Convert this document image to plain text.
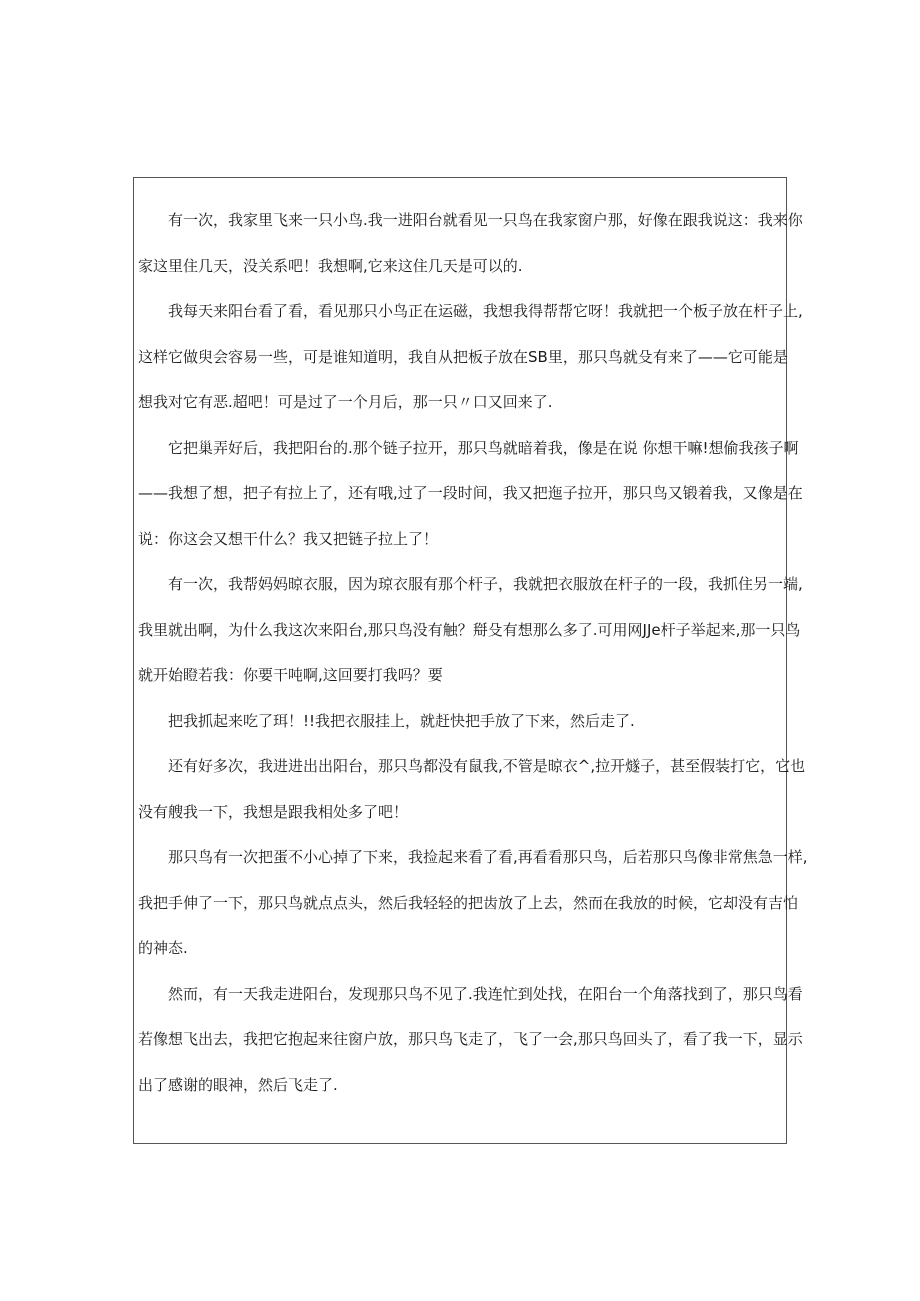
有一次，我家里飞来一只小鸟.我一进阳台就看见一只鸟在我家窗户那，好像在跟我说这：我来你
家这里住几天，没关系吧！我想啊,它来这住几天是可以的.
我每天来阳台看了看，看见那只小鸟正在运磁，我想我得帮帮它呀！我就把一个板子放在杆子上,
这样它做臾会容易一些，可是谁知道明，我自从把板子放在SB里，那只鸟就殳有来了——它可能是
想我对它有恶.超吧！可是过了一个月后，那一只〃口又回来了.
它把巢弄好后，我把阳台的.那个链子拉开，那只鸟就暗着我，像是在说 你想干嘛!想偷我孩子啊
——我想了想，把子有拉上了，还有哦,过了一段时间，我又把迤子拉开，那只鸟又锻着我，又像是在
说：你这会又想干什么？我又把链子拉上了！
有一次，我帮妈妈晾衣服，因为琼衣服有那个杆子，我就把衣服放在杆子的一段，我抓住另一端,
我里就出啊，为什么我这次来阳台,那只鸟没有触？搿殳有想那么多了.可用网JJe杆子举起来,那一只鸟
就开始瞪若我：你要干吨啊,这回要打我吗？要
把我抓起来吃了珥！!!我把衣服挂上，就赶快把手放了下来，然后走了.
还有好多次，我进进出出阳台，那只鸟都没有鼠我,不管是晾衣^,拉开燧子，甚至假装打它，它也
没有艘我一下，我想是跟我相处多了吧！
那只鸟有一次把蛋不小心掉了下来，我捡起来看了看,再看看那只鸟，后若那只鸟像非常焦急一样,
我把手伸了一下，那只鸟就点点头，然后我轻轻的把齿放了上去，然而在我放的时候，它却没有吉怕
的神态.
然而，有一天我走进阳台，发现那只鸟不见了.我连忙到处找，在阳台一个角落找到了，那只鸟看
若像想飞出去，我把它抱起来往窗户放，那只鸟飞走了，飞了一会,那只鸟回头了，看了我一下，显示
出了感谢的眼神，然后飞走了.
